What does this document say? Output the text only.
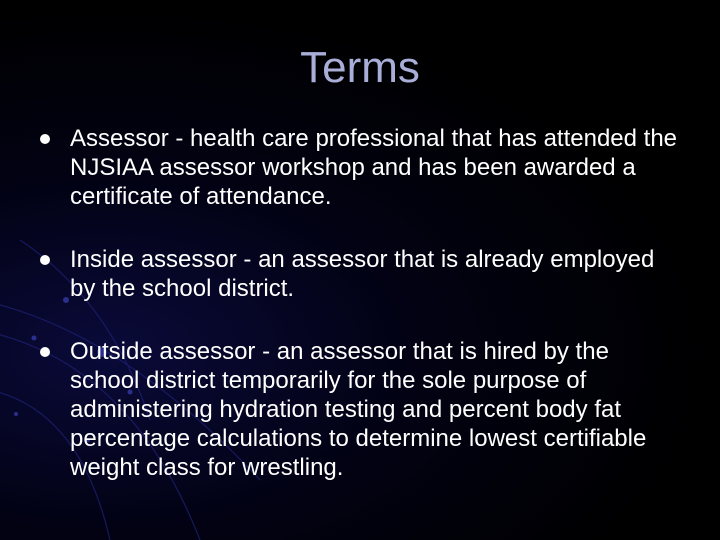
Terms
Assessor - health care professional that has attended the NJSIAA assessor workshop and has been awarded a certificate of attendance.
Inside assessor - an assessor that is already employed by the school district.
Outside assessor - an assessor that is hired by the school district temporarily for the sole purpose of administering hydration testing and percent body fat percentage calculations to determine lowest certifiable weight class for wrestling.
